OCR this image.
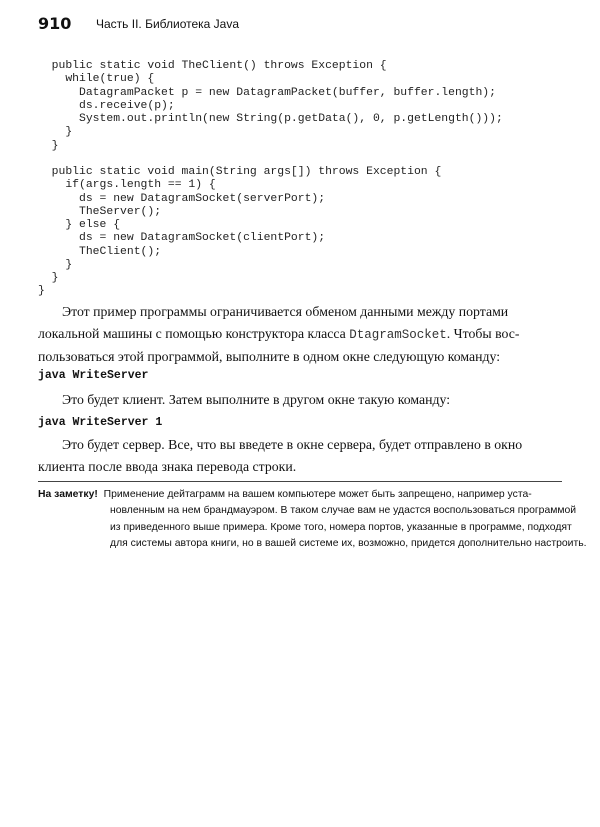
910 Часть II. Библиотека Java
public static void TheClient() throws Exception {
while(true) {
DatagramPacket p = new DatagramPacket(buffer, buffer.length);
ds.receive(p);
System.out.println(new String(p.getData(), 0, p.getLength()));
}
}
public static void main(String args[]) throws Exception {
if(args.length == 1) {
ds = new DatagramSocket(serverPort);
TheServer();
} else {
ds = new DatagramSocket(clientPort);
TheClient();
}
}
}

Этот пример программы ограничивается обменом данными между портами
локальной машины с помощью конструктора класса DtagramSocket. Чтобы вос-
пользоваться этой программой, выполните в одном окне следующую команду:

java WriteServer

Это будет клиент. Затем выполните в другом окне такую команду:

java WriteServer 1

Это будет сервер. Все, что вы введете в окне сервера, будет отправлено в окно
клиента после ввода знака перевода строки.

На заметку! Применение дейтаграмм на вашем компьютере может быть запрещено, например уста-
новленным на нем брандмауэром. В таком случае вам не удастся воспользоваться программой
из приведенного выше примера. Кроме того, номера портов, указанные в программе, подходят
для системы автора книги, но в вашей системе их, возможно, придется дополнительно настроить.
